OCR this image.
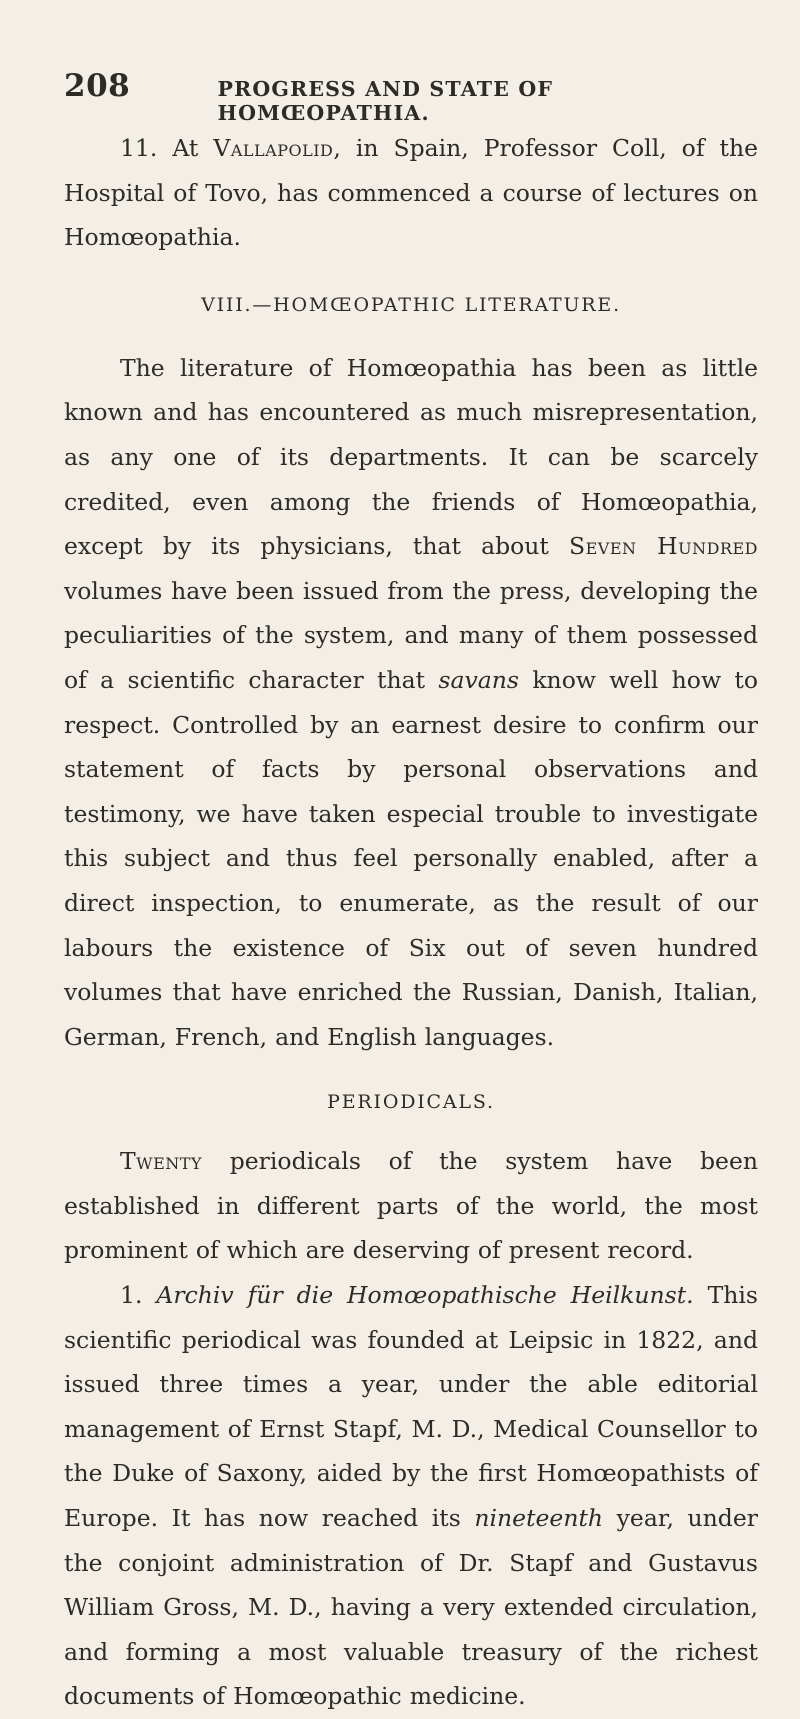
208	PROGRESS AND STATE OF HOMŒOPATHIA.

11. At Vallapolid, in Spain, Professor Coll, of the Hospital of Tovo, has commenced a course of lectures on Homœopathia.

VIII.—HOMŒOPATHIC LITERATURE.

The literature of Homœopathia has been as little known and has encountered as much misrepresentation, as any one of its departments. It can be scarcely credited, even among the friends of Homœopathia, except by its physicians, that about Seven Hundred volumes have been issued from the press, developing the peculiarities of the system, and many of them possessed of a scientific character that savans know well how to respect. Controlled by an earnest desire to confirm our statement of facts by personal observations and testimony, we have taken especial trouble to investigate this subject and thus feel personally enabled, after a direct inspection, to enumerate, as the result of our labours the existence of Six out of seven hundred volumes that have enriched the Russian, Danish, Italian, German, French, and English languages.

PERIODICALS.

Twenty periodicals of the system have been established in different parts of the world, the most prominent of which are deserving of present record.

1. Archiv für die Homœopathische Heilkunst. This scientific periodical was founded at Leipsic in 1822, and issued three times a year, under the able editorial management of Ernst Stapf, M. D., Medical Counsellor to the Duke of Saxony, aided by the first Homœopathists of Europe. It has now reached its nineteenth year, under the conjoint administration of Dr. Stapf and Gustavus William Gross, M. D., having a very extended circulation, and forming a most valuable treasury of the richest documents of Homœopathic medicine.
